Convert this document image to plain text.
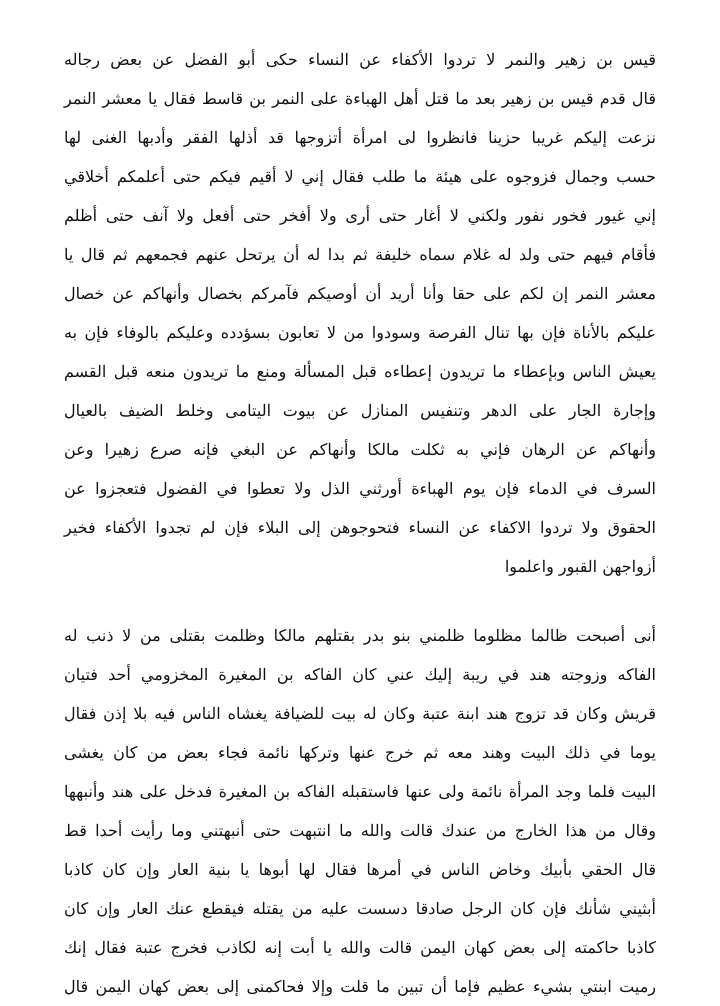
قيس بن زهير والنمر لا تردوا الأكفاء عن النساء حكى أبو الفضل عن بعض رجاله
قال قدم قيس بن زهير بعد ما قتل أهل الهباءة على النمر بن قاسط فقال يا معشر النمر
نزعت إليكم غريبا حزينا فانظروا لى امرأة أتزوجها قد أذلها الفقر وأدبها الغنى لها
حسب وجمال فزوجوه على هيئة ما طلب فقال إني لا أقيم فيكم حتى أعلمكم أخلاقي
إني غيور فخور نفور ولكني لا أغار حتى أرى ولا أفخر حتى أفعل ولا آنف حتى أظلم
فأقام فيهم حتى ولد له غلام سماه خليفة ثم بدا له أن يرتحل عنهم فجمعهم ثم قال يا
معشر النمر إن لكم على حقا وأنا أريد أن أوصيكم فآمركم بخصال وأنهاكم عن خصال
عليكم بالأناة فإن بها تنال الفرصة وسودوا من لا تعابون بسؤدده وعليكم بالوفاء فإن به
يعيش الناس وبإعطاء ما تريدون إعطاءه قبل المسألة ومنع ما تريدون منعه قبل القسم
وإجارة الجار على الدهر وتنفيس المنازل عن بيوت اليتامى وخلط الضيف بالعيال
وأنهاكم عن الرهان فإني به ثكلت مالكا وأنهاكم عن البغي فإنه صرع زهيرا وعن
السرف في الدماء فإن يوم الهباءة أورثني الذل ولا تعطوا في الفضول فتعجزوا عن
الحقوق ولا تردوا الاكفاء عن النساء فتحوجوهن إلى البلاء فإن لم تجدوا الأكفاء فخير
أزواجهن القبور واعلموا
أنى أصبحت ظالما مظلوما ظلمني بنو بدر بقتلهم مالكا وظلمت بقتلى من لا ذنب له
الفاكه وزوجته هند في ريبة إليك عني كان الفاكه بن المغيرة المخزومي أحد فتيان
قريش وكان قد تزوج هند ابنة عتبة وكان له بيت للضيافة يغشاه الناس فيه بلا إذن فقال
يوما في ذلك البيت وهند معه ثم خرج عنها وتركها نائمة فجاء بعض من كان يغشى
البيت فلما وجد المرأة نائمة ولى عنها فاستقبله الفاكه بن المغيرة فدخل على هند وأنبهها
وقال من هذا الخارج من عندك قالت والله ما انتبهت حتى أنبهتني وما رأيت أحدا قط
قال الحقي بأبيك وخاض الناس في أمرها فقال لها أبوها يا بنية العار وإن كان كاذبا
أبثيني شأنك فإن كان الرجل صادقا دسست عليه من يقتله فيقطع عنك العار وإن كان
كاذبا حاكمته إلى بعض كهان اليمن قالت والله يا أبت إنه لكاذب فخرج عتبة فقال إنك
رميت ابنتي بشيء عظيم فإما أن تبين ما قلت وإلا فحاكمنى إلى بعض كهان اليمن قال
